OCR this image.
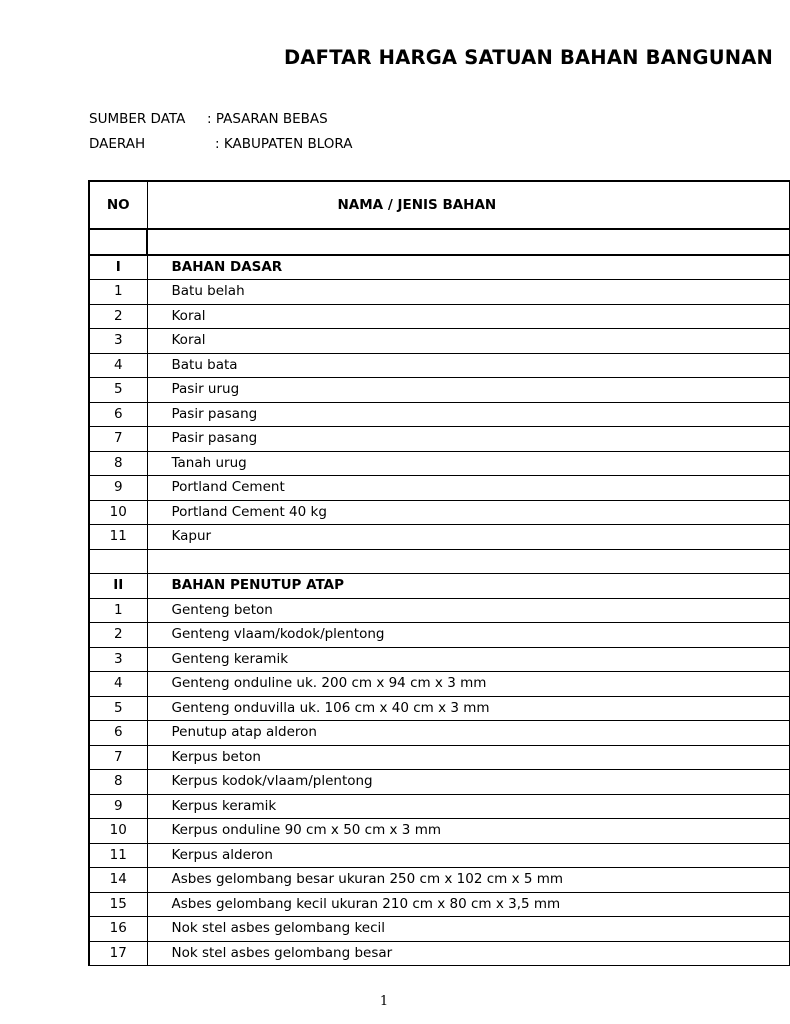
DAFTAR HARGA SATUAN BAHAN BANGUNAN
SUMBER DATA : PASARAN BEBAS
DAERAH	: KABUPATEN BLORA
NO	NAMA / JENIS BAHAN

I	BAHAN DASAR
1	Batu belah
2	Koral
3	Koral
4	Batu bata
5	Pasir urug
6	Pasir pasang
7	Pasir pasang
8	Tanah urug
9	Portland Cement
10	Portland Cement 40 kg
11	Kapur

II	BAHAN PENUTUP ATAP
1	Genteng beton
2	Genteng vlaam/kodok/plentong
3	Genteng keramik
4	Genteng onduline uk. 200 cm x 94 cm x 3 mm
5	Genteng onduvilla uk. 106 cm x 40 cm x 3 mm
6	Penutup atap alderon
7	Kerpus beton
8	Kerpus kodok/vlaam/plentong
9	Kerpus keramik
10	Kerpus onduline 90 cm x 50 cm x 3 mm
11	Kerpus alderon
14	Asbes gelombang besar ukuran 250 cm x 102 cm x 5 mm
15	Asbes gelombang kecil ukuran 210 cm x 80 cm x 3,5 mm
16	Nok stel asbes gelombang kecil
17	Nok stel asbes gelombang besar
1
